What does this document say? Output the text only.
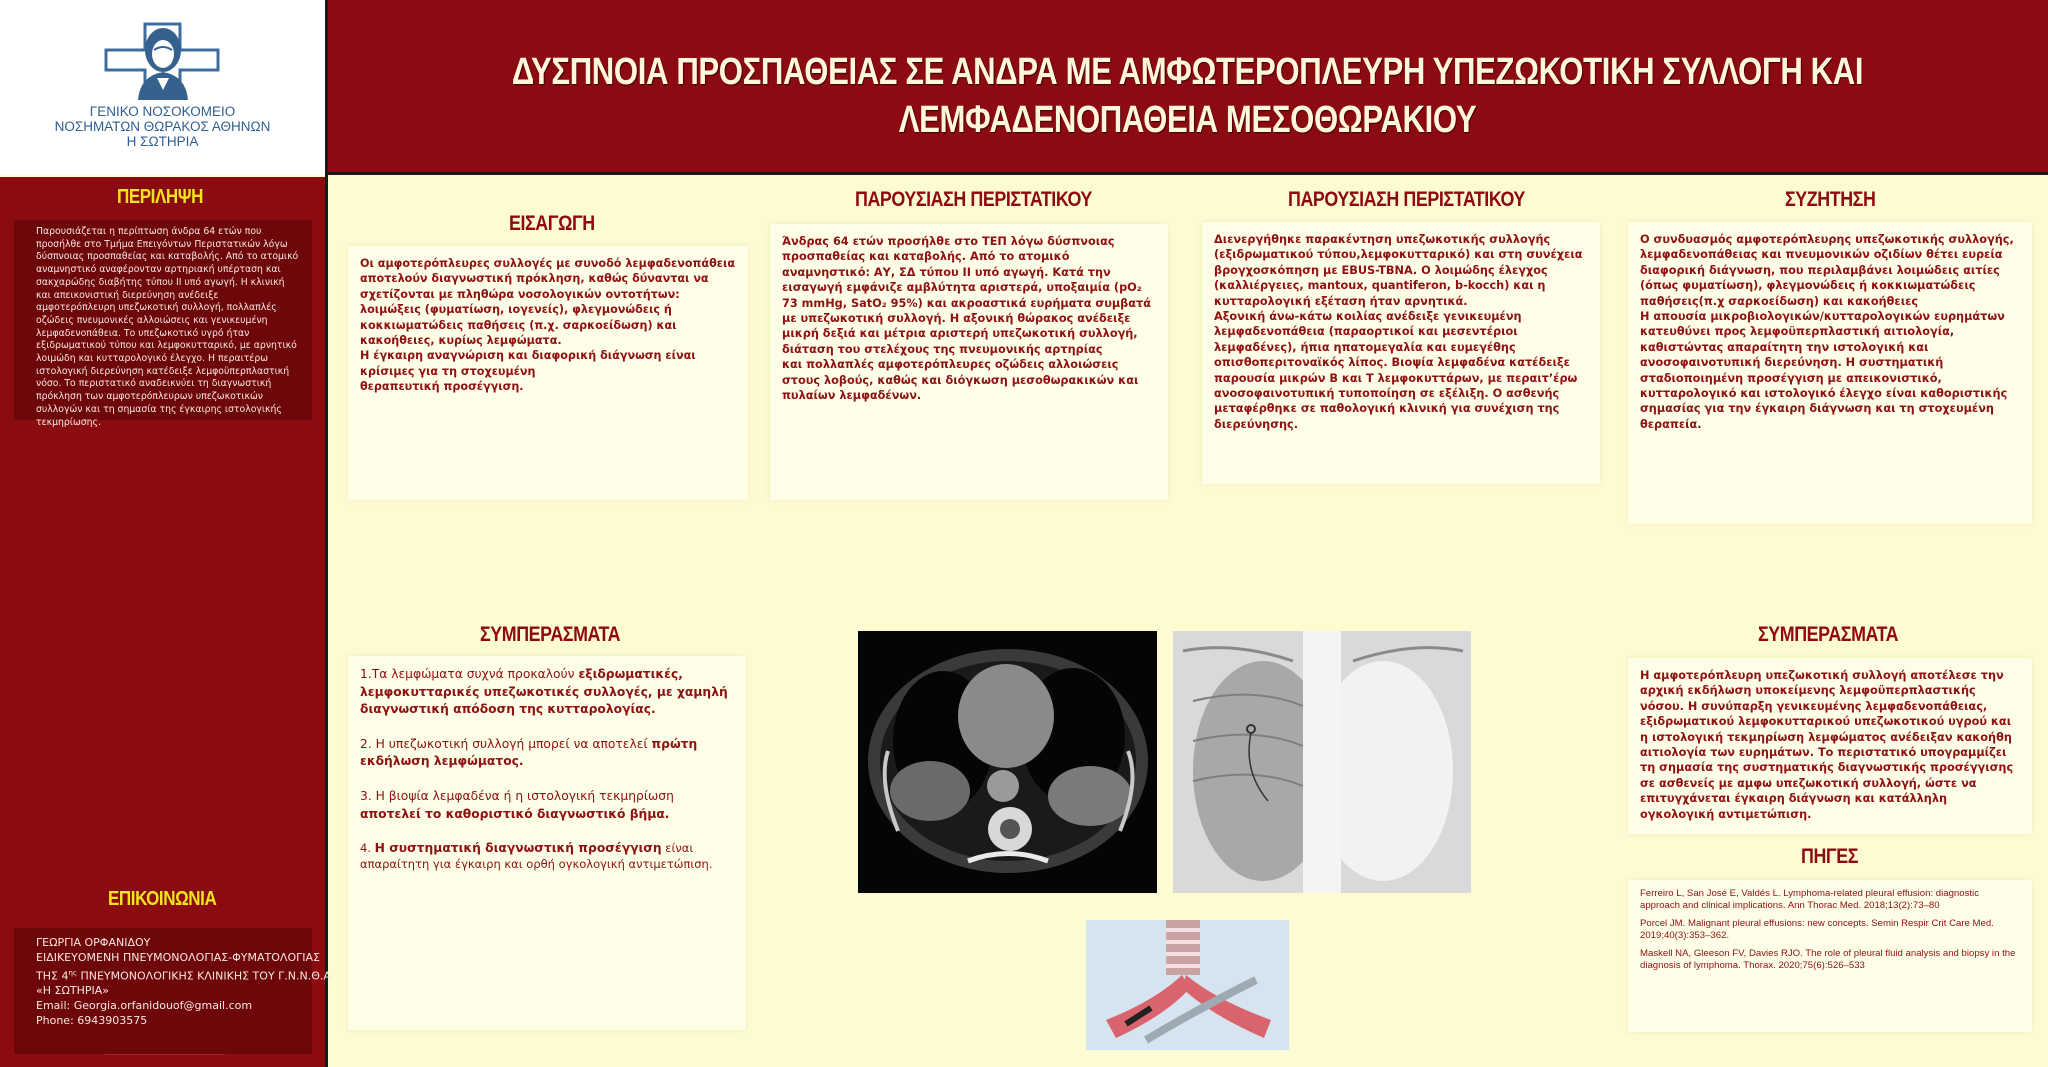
ΓΕΝΙΚΟ ΝΟΣΟΚΟΜΕΙΟ
ΝΟΣΗΜΑΤΩΝ ΘΩΡΑΚΟΣ ΑΘΗΝΩΝ
Η ΣΩΤΗΡΙΑ
ΔΥΣΠΝΟΙΑ ΠΡΟΣΠΑΘΕΙΑΣ ΣΕ ΑΝΔΡΑ ΜΕ ΑΜΦΩΤΕΡΟΠΛΕΥΡΗ ΥΠΕΖΩΚΟΤΙΚΗ ΣΥΛΛΟΓΗ ΚΑΙ
ΛΕΜΦΑΔΕΝΟΠΑΘΕΙΑ ΜΕΣΟΘΩΡΑΚΙΟΥ
ΠΕΡΙΛΗΨΗ
Παρουσιάζεται η περίπτωση άνδρα 64 ετών που προσήλθε στο Τμήμα Επειγόντων Περιστατικών λόγω δύσπνοιας προσπαθείας και καταβολής. Από το ατομικό αναμνηστικό αναφέρονταν αρτηριακή υπέρταση και σακχαρώδης διαβήτης τύπου II υπό αγωγή. Η κλινική και απεικονιστική διερεύνηση ανέδειξε αμφοτερόπλευρη υπεζωκοτική συλλογή, πολλαπλές οζώδεις πνευμονικές αλλοιώσεις και γενικευμένη λεμφαδενοπάθεια. Το υπεζωκοτικό υγρό ήταν εξιδρωματικού τύπου και λεμφοκυτταρικό, με αρνητικό λοιμώδη και κυτταρολογικό έλεγχο. Η περαιτέρω ιστολογική διερεύνηση κατέδειξε λεμφοϋπερπλαστική νόσο. Το περιστατικό αναδεικνύει τη διαγνωστική πρόκληση των αμφοτερόπλευρων υπεζωκοτικών συλλογών και τη σημασία της έγκαιρης ιστολογικής τεκμηρίωσης.
ΕΠΙΚΟΙΝΩΝΙΑ
ΓΕΩΡΓΙΑ ΟΡΦΑΝΙΔΟΥ
ΕΙΔΙΚΕΥΟΜΕΝΗ ΠΝΕΥΜΟΝΟΛΟΓΙΑΣ-ΦΥΜΑΤΟΛΟΓΙΑΣ
ΤΗΣ $4^{\eta\varsigma}$ ΠΝΕΥΜΟΝΟΛΟΓΙΚΗΣ ΚΛΙΝΙΚΗΣ ΤΟΥ Γ.Ν.Ν.Θ.Α
«Η ΣΩΤΗΡΙΑ»
Email: Georgia.orfanidouof@gmail.com
Phone: 6943903575
ΕΙΣΑΓΩΓΗ

Οι αμφοτερόπλευρες συλλογές με συνοδό λεμφαδενοπάθεια αποτελούν διαγνωστική πρόκληση, καθώς δύνανται να σχετίζονται με πληθώρα νοσολογικών οντοτήτων: λοιμώξεις (φυματίωση, ιογενείς), φλεγμονώδεις ή

κοκκιωματώδεις παθήσεις (π.χ. σαρκοείδωση) και κακοήθειες, κυρίως λεμφώματα.

Η έγκαιρη αναγνώριση και διαφορική διάγνωση είναι κρίσιμες για τη στοχευμένη

θεραπευτική προσέγγιση.

ΠΑΡΟΥΣΙΑΣΗ ΠΕΡΙΣΤΑΤΙΚΟΥ

Άνδρας 64 ετών προσήλθε στο ΤΕΠ λόγω δύσπνοιας προσπαθείας και καταβολής. Από το ατομικό αναμνηστικό: ΑΥ, ΣΔ τύπου ΙΙ υπό αγωγή. Κατά την εισαγωγή εμφάνιζε αμβλύτητα αριστερά, υποξαιμία (pO₂ 73 mmHg, SatO₂ 95%) και ακροαστικά ευρήματα συμβατά με υπεζωκοτική συλλογή. Η αξονική θώρακος ανέδειξε μικρή δεξιά και μέτρια αριστερή υπεζωκοτική συλλογή, διάταση του στελέχους της πνευμονικής αρτηρίας

και πολλαπλές αμφοτερόπλευρες οζώδεις αλλοιώσεις στους λοβούς, καθώς και διόγκωση μεσοθωρακικών και πυλαίων λεμφαδένων.

ΠΑΡΟΥΣΙΑΣΗ ΠΕΡΙΣΤΑΤΙΚΟΥ

Διενεργήθηκε παρακέντηση υπεζωκοτικής συλλογής (εξιδρωματικού τύπου,λεμφοκυτταρικό) και στη συνέχεια βρογχοσκόπηση με EBUS-TBNA. Ο λοιμώδης έλεγχος (καλλιέργειες, mantoux, quantiferon, b-kocch) και η κυτταρολογική εξέταση ήταν αρνητικά.

Αξονική άνω-κάτω κοιλίας ανέδειξε γενικευμένη λεμφαδενοπάθεια (παραορτικοί και μεσεντέριοι λεμφαδένες), ήπια ηπατομεγαλία και ευμεγέθης οπισθοπεριτοναϊκός λίπος. Βιοψία λεμφαδένα κατέδειξε παρουσία μικρών Β και Τ λεμφοκυττάρων, με περαιτ’έρω ανοσοφαινοτυπική τυποποίηση σε εξέλιξη. Ο ασθενής μεταφέρθηκε σε παθολογική κλινική για συνέχιση της διερεύνησης.

ΣΥΖΗΤΗΣΗ

Ο συνδυασμός αμφοτερόπλευρης υπεζωκοτικής συλλογής, λεμφαδενοπάθειας και πνευμονικών οζιδίων θέτει ευρεία διαφορική διάγνωση, που περιλαμβάνει λοιμώδεις αιτίες (όπως φυματίωση), φλεγμονώδεις ή κοκκιωματώδεις παθήσεις(π.χ σαρκοείδωση) και κακοήθειες

Η απουσία μικροβιολογικών/κυτταρολογικών ευρημάτων κατευθύνει προς λεμφοϋπερπλαστική αιτιολογία, καθιστώντας απαραίτητη την ιστολογική και ανοσοφαινοτυπική διερεύνηση. Η συστηματική σταδιοποιημένη προσέγγιση με απεικονιστικό, κυτταρολογικό και ιστολογικό έλεγχο είναι καθοριστικής σημασίας για την έγκαιρη διάγνωση και τη στοχευμένη θεραπεία.

ΣΥΜΠΕΡΑΣΜΑΤΑ

1.Τα λεμφώματα συχνά προκαλούν εξιδρωματικές, λεμφοκυτταρικές υπεζωκοτικές συλλογές, με χαμηλή διαγνωστική απόδοση της κυτταρολογίας.

2. Η υπεζωκοτική συλλογή μπορεί να αποτελεί πρώτη εκδήλωση λεμφώματος.

3. Η βιοψία λεμφαδένα ή η ιστολογική τεκμηρίωση αποτελεί το καθοριστικό διαγνωστικό βήμα.

4. Η συστηματική διαγνωστική προσέγγιση είναι απαραίτητη για έγκαιρη και ορθή ογκολογική αντιμετώπιση.

ΣΥΜΠΕΡΑΣΜΑΤΑ
Η αμφοτερόπλευρη υπεζωκοτική συλλογή αποτέλεσε την αρχική εκδήλωση υποκείμενης λεμφοϋπερπλαστικής νόσου. Η συνύπαρξη γενικευμένης λεμφαδενοπάθειας, εξιδρωματικού λεμφοκυτταρικού υπεζωκοτικού υγρού και η ιστολογική τεκμηρίωση λεμφώματος ανέδειξαν κακοήθη αιτιολογία των ευρημάτων. Το περιστατικό υπογραμμίζει τη σημασία της συστηματικής διαγνωστικής προσέγγισης σε ασθενείς με αμφω υπεζωκοτική συλλογή, ώστε να επιτυγχάνεται έγκαιρη διάγνωση και κατάλληλη ογκολογική αντιμετώπιση.
ΠΗΓΕΣ

Ferreiro L, San José E, Valdés L. Lymphoma-related pleural effusion: diagnostic approach and clinical implications. Ann Thorac Med. 2018;13(2):73–80

Porcel JM. Malignant pleural effusions: new concepts. Semin Respir Crit Care Med. 2019;40(3):353–362.

Maskell NA, Gleeson FV, Davies RJO. The role of pleural fluid analysis and biopsy in the diagnosis of lymphoma. Thorax. 2020;75(6):526–533
